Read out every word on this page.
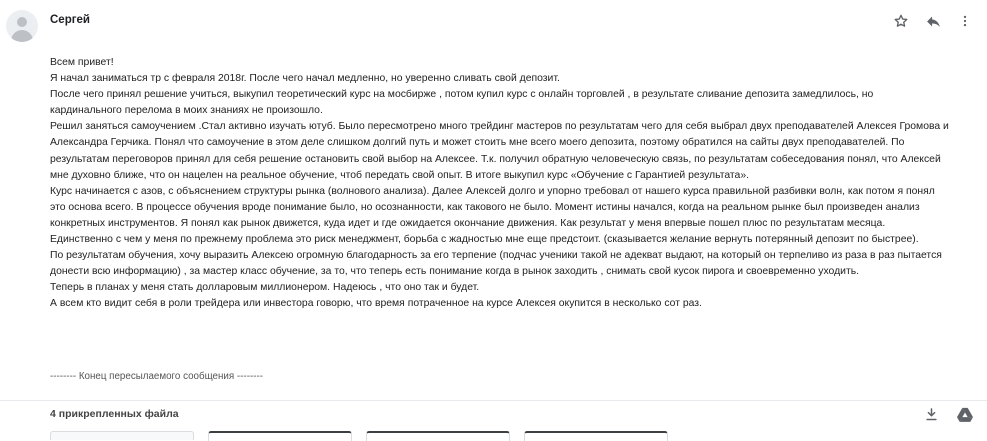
Сергей

Всем привет!

Я начал заниматься тр с февраля 2018г. После чего начал медленно, но уверенно сливать свой депозит.

После чего принял решение учиться, выкупил теоретический курс на мосбирже , потом купил курс с онлайн торговлей , в результате сливание депозита замедлилось, но

кардинального перелома в моих знаниях не произошло.

Решил заняться самоучением .Стал активно изучать ютуб. Было пересмотрено много трейдинг мастеров по результатам чего для себя выбрал двух преподавателей Алексея Громова и

Александра Герчика. Понял что самоучение в этом деле слишком долгий путь и может стоить мне всего моего депозита, поэтому обратился на сайты двух преподавателей. По

результатам переговоров принял для себя решение остановить свой выбор на Алексее. Т.к. получил обратную человеческую связь, по результатам собеседования понял, что Алексей

мне духовно ближе, что он нацелен на реальное обучение, чтоб передать свой опыт. В итоге выкупил курс «Обучение с Гарантией результата».

Курс начинается с азов, с объяснением структуры рынка (волнового анализа). Далее Алексей долго и упорно требовал от нашего курса правильной разбивки волн, как потом я понял

это основа всего. В процессе обучения вроде понимание было, но осознанности, как такового не было. Момент истины начался, когда на реальном рынке был произведен анализ

конкретных инструментов. Я понял как рынок движется, куда идет и где ожидается окончание движения. Как результат у меня впервые пошел плюс по результатам месяца.

Единственно с чем у меня по прежнему проблема это риск менеджмент, борьба с жадностью мне еще предстоит. (сказывается желание вернуть потерянный депозит по быстрее).

По результатам обучения, хочу выразить Алексею огромную благодарность за его терпение (подчас ученики такой не адекват выдают, на который он терпеливо из раза в раз пытается

донести всю информацию) , за мастер класс обучение, за то, что теперь есть понимание когда в рынок заходить , снимать свой кусок пирога и своевременно уходить.

Теперь в планах у меня стать долларовым миллионером. Надеюсь , что оно так и будет.

А всем кто видит себя в роли трейдера или инвестора говорю, что время потраченное на курсе Алексея окупится в несколько сот раз.

-------- Конец пересылаемого сообщения --------
4 прикрепленных файла
